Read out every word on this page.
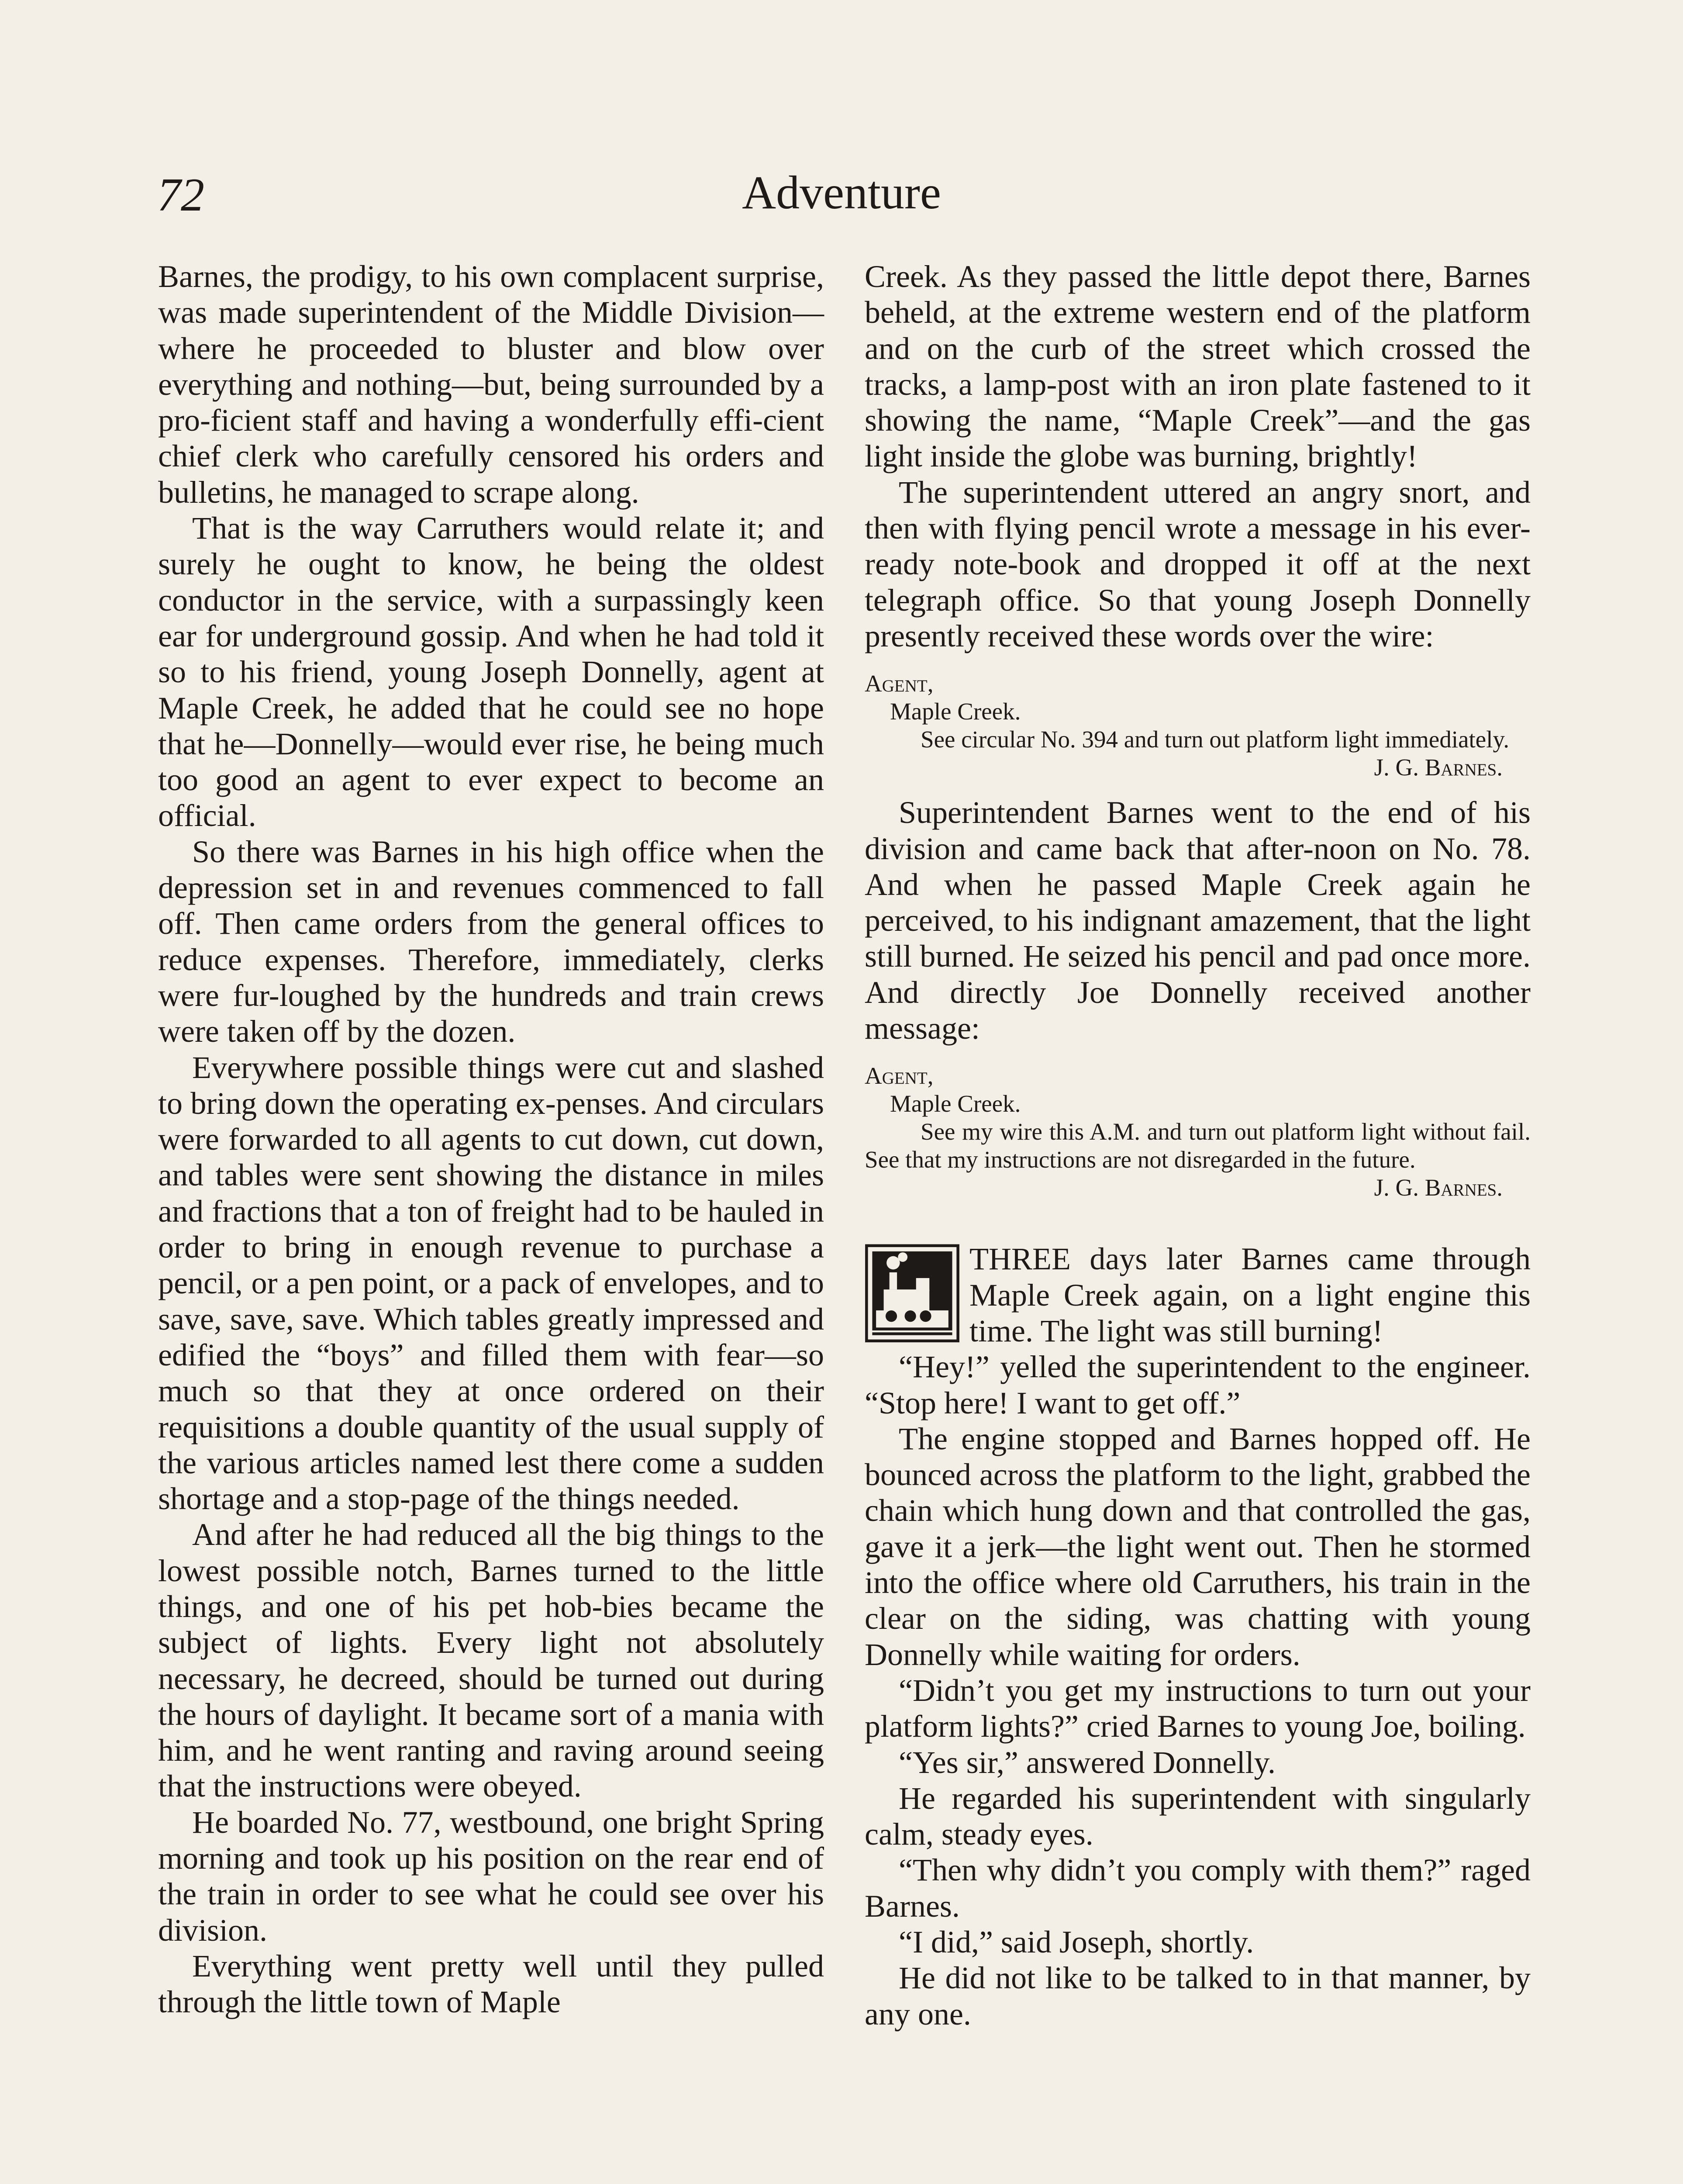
72	Adventure

Barnes, the prodigy, to his own complacent surprise, was made superintendent of the Middle Division—where he proceeded to bluster and blow over everything and nothing—but, being surrounded by a pro-ficient staff and having a wonderfully effi-cient chief clerk who carefully censored his orders and bulletins, he managed to scrape along.

That is the way Carruthers would relate it; and surely he ought to know, he being the oldest conductor in the service, with a surpassingly keen ear for underground gossip. And when he had told it so to his friend, young Joseph Donnelly, agent at Maple Creek, he added that he could see no hope that he—Donnelly—would ever rise, he being much too good an agent to ever expect to become an official.

So there was Barnes in his high office when the depression set in and revenues commenced to fall off. Then came orders from the general offices to reduce expenses. Therefore, immediately, clerks were fur-loughed by the hundreds and train crews were taken off by the dozen.

Everywhere possible things were cut and slashed to bring down the operating ex-penses. And circulars were forwarded to all agents to cut down, cut down, and tables were sent showing the distance in miles and fractions that a ton of freight had to be hauled in order to bring in enough revenue to purchase a pencil, or a pen point, or a pack of envelopes, and to save, save, save. Which tables greatly impressed and edified the “boys” and filled them with fear—so much so that they at once ordered on their requisitions a double quantity of the usual supply of the various articles named lest there come a sudden shortage and a stop-page of the things needed.

And after he had reduced all the big things to the lowest possible notch, Barnes turned to the little things, and one of his pet hob-bies became the subject of lights. Every light not absolutely necessary, he decreed, should be turned out during the hours of daylight. It became sort of a mania with him, and he went ranting and raving around seeing that the instructions were obeyed.

He boarded No. 77, westbound, one bright Spring morning and took up his position on the rear end of the train in order to see what he could see over his division.

Everything went pretty well until they pulled through the little town of Maple

Creek. As they passed the little depot there, Barnes beheld, at the extreme western end of the platform and on the curb of the street which crossed the tracks, a lamp-post with an iron plate fastened to it showing the name, “Maple Creek”—and the gas light inside the globe was burning, brightly!

The superintendent uttered an angry snort, and then with flying pencil wrote a message in his ever-ready note-book and dropped it off at the next telegraph office. So that young Joseph Donnelly presently received these words over the wire:

Agent,
Maple Creek.
See circular No. 394 and turn out platform light immediately.
J. G. Barnes.

Superintendent Barnes went to the end of his division and came back that after-noon on No. 78. And when he passed Maple Creek again he perceived, to his indignant amazement, that the light still burned. He seized his pencil and pad once more. And directly Joe Donnelly received another message:

Agent,
Maple Creek.
See my wire this A.M. and turn out platform light without fail. See that my instructions are not disregarded in the future.
J. G. Barnes.

THREE days later Barnes came through Maple Creek again, on a light engine this time. The light was still burning!

“Hey!” yelled the superintendent to the engineer. “Stop here! I want to get off.”

The engine stopped and Barnes hopped off. He bounced across the platform to the light, grabbed the chain which hung down and that controlled the gas, gave it a jerk—the light went out. Then he stormed into the office where old Carruthers, his train in the clear on the siding, was chatting with young Donnelly while waiting for orders.

“Didn’t you get my instructions to turn out your platform lights?” cried Barnes to young Joe, boiling.

“Yes sir,” answered Donnelly.

He regarded his superintendent with singularly calm, steady eyes.

“Then why didn’t you comply with them?” raged Barnes.

“I did,” said Joseph, shortly.

He did not like to be talked to in that manner, by any one.
